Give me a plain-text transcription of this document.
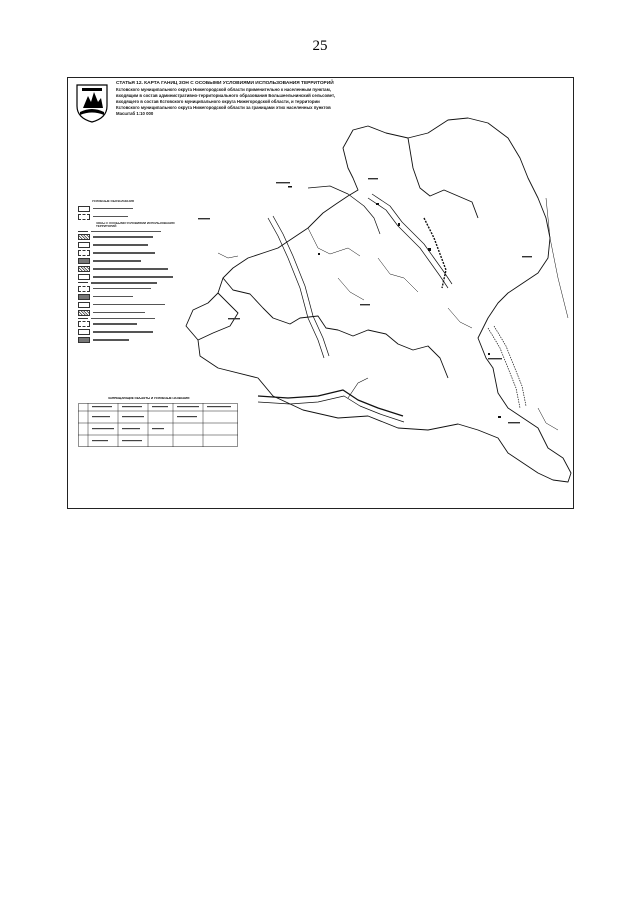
25
СТАТЬЯ 12. КАРТА ГАНИЦ ЗОН С ОСОБЫМИ УСЛОВИЯМИ ИСПОЛЬЗОВАНИЯ ТЕРРИТОРИЙ
Кстовского муниципального округа Нижегородской области применительно к населенным пунктам,
входящим в состав административно-территориального образования Большеельнинский сельсовет,
входящего в состав Кстовского муниципального округа Нижегородской области, и территории
Кстовского муниципального округа Нижегородской области за границами этих населенных пунктов
Масштаб 1:10 000
УСЛОВНЫЕ ОБОЗНАЧЕНИЯ
ЗОНЫ С ОСОБЫМИ УСЛОВИЯМИ ИСПОЛЬЗОВАНИЯ ТЕРРИТОРИЙ
ЗАПРЕЩАЮЩИЕ ОБЪЕКТЫ И УСЛОВНЫЕ НАЗВАНИЯ
